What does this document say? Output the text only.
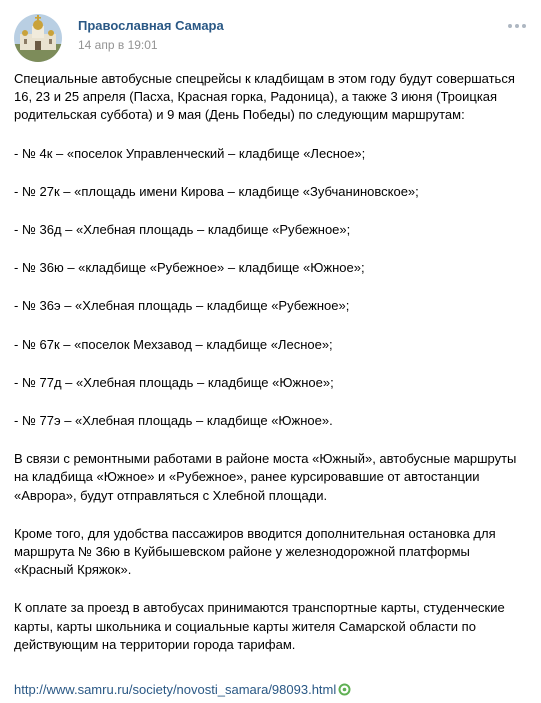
Православная Самара
14 апр в 19:01

Специальные автобусные спецрейсы к кладбищам в этом году будут совершаться
16, 23 и 25 апреля (Пасха, Красная горка, Радоница), а также 3 июня (Троицкая
родительская суббота) и 9 мая (День Победы) по следующим маршрутам:

- № 4к – «поселок Управленческий – кладбище «Лесное»;

- № 27к – «площадь имени Кирова – кладбище «Зубчаниновское»;

- № 36д – «Хлебная площадь – кладбище «Рубежное»;

- № 36ю – «кладбище «Рубежное» – кладбище «Южное»;

- № 36э – «Хлебная площадь – кладбище «Рубежное»;

- № 67к – «поселок Мехзавод – кладбище «Лесное»;

- № 77д – «Хлебная площадь – кладбище «Южное»;

- № 77э – «Хлебная площадь – кладбище «Южное».

В связи с ремонтными работами в районе моста «Южный», автобусные маршруты
на кладбища «Южное» и «Рубежное», ранее курсировавшие от автостанции
«Аврора», будут отправляться с Хлебной площади.

Кроме того, для удобства пассажиров вводится дополнительная остановка для
маршрута № 36ю в Куйбышевском районе у железнодорожной платформы
«Красный Кряжок».

К оплате за проезд в автобусах принимаются транспортные карты, студенческие
карты, карты школьника и социальные карты жителя Самарской области по
действующим на территории города тарифам.

http://www.samru.ru/society/novosti_samara/98093.html
